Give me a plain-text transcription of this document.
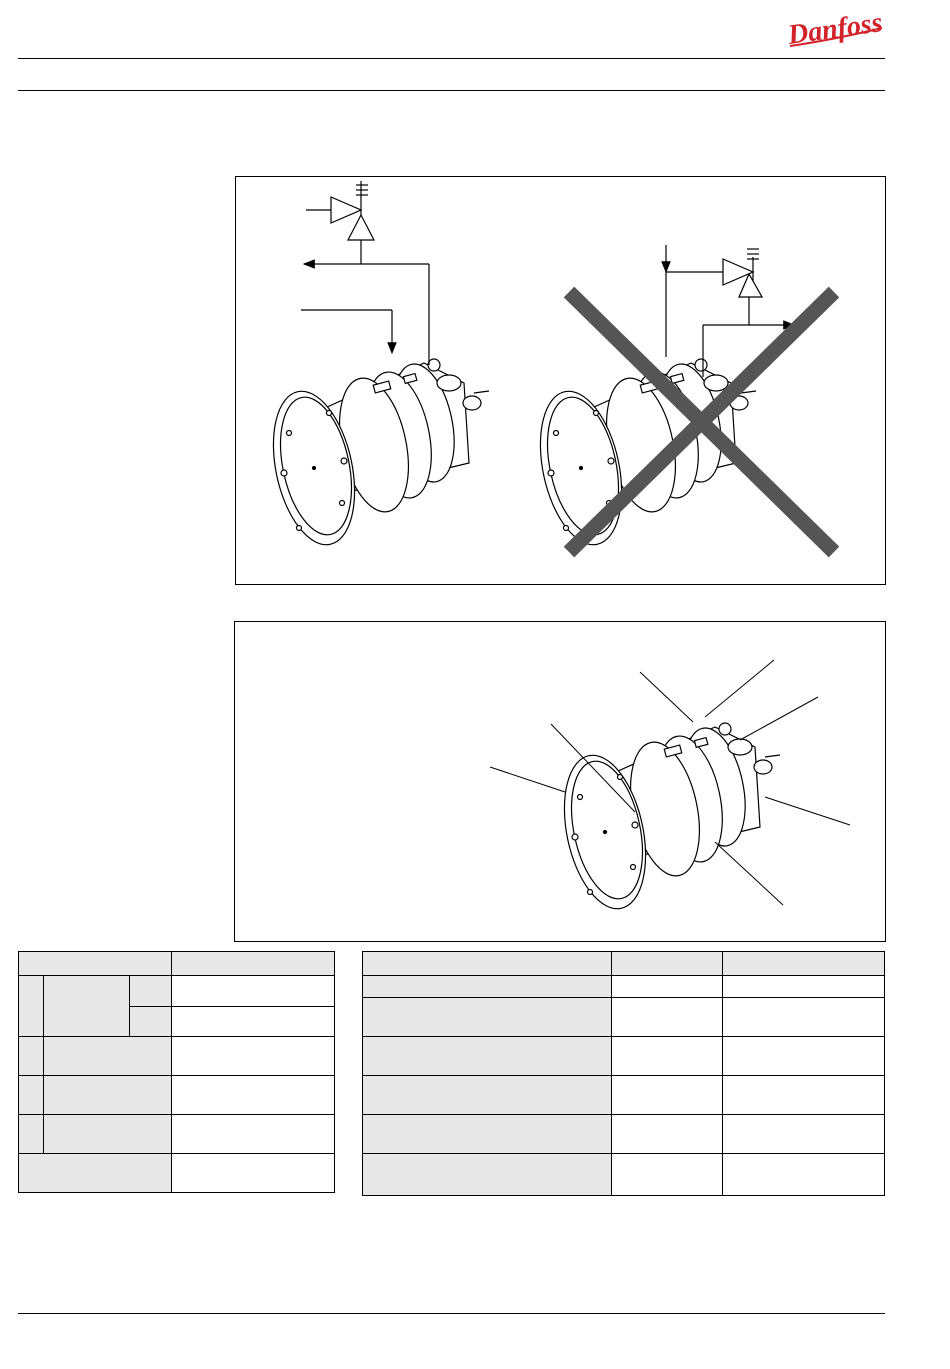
Danfoss
